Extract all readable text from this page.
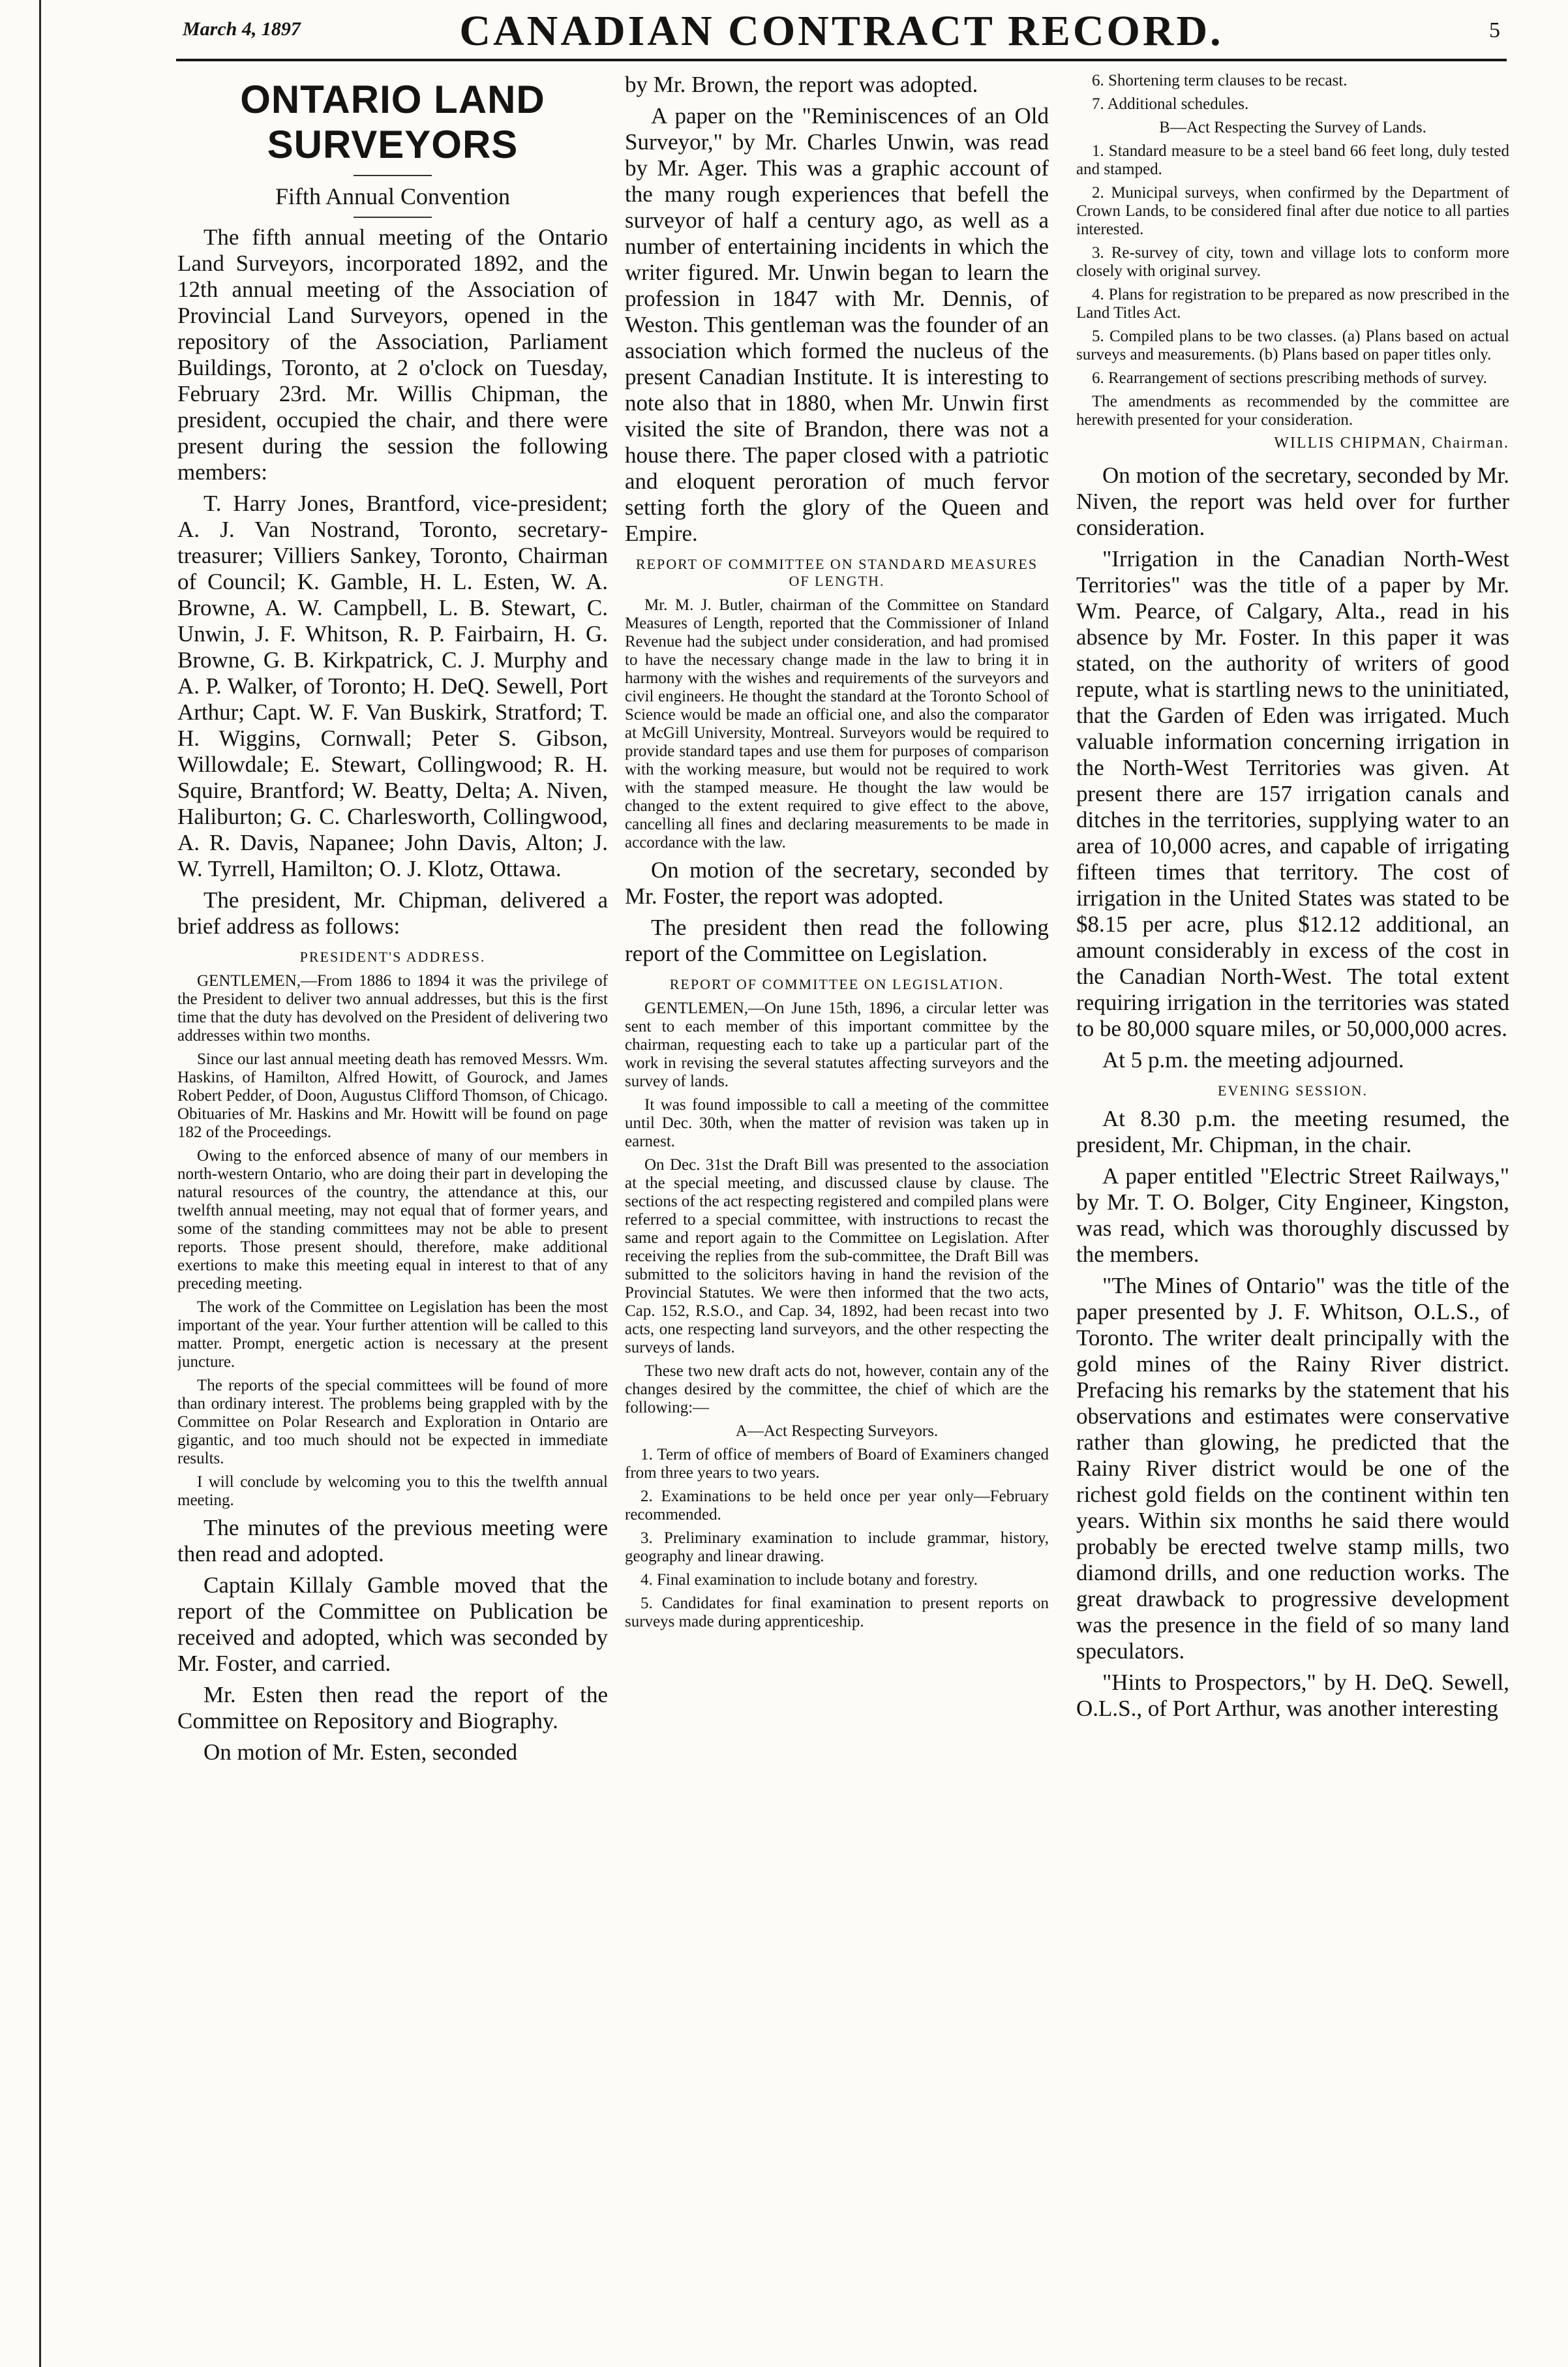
March 4, 1897	CANADIAN CONTRACT RECORD.	5
ONTARIO LAND SURVEYORS
Fifth Annual Convention

The fifth annual meeting of the Ontario Land Surveyors, incorporated 1892, and the 12th annual meeting of the Association of Provincial Land Surveyors, opened in the repository of the Association, Parliament Buildings, Toronto, at 2 o'clock on Tuesday, February 23rd. Mr. Willis Chipman, the president, occupied the chair, and there were present during the session the following members:

T. Harry Jones, Brantford, vice-president; A. J. Van Nostrand, Toronto, secretary-treasurer; Villiers Sankey, Toronto, Chairman of Council; K. Gamble, H. L. Esten, W. A. Browne, A. W. Campbell, L. B. Stewart, C. Unwin, J. F. Whitson, R. P. Fairbairn, H. G. Browne, G. B. Kirkpatrick, C. J. Murphy and A. P. Walker, of Toronto; H. DeQ. Sewell, Port Arthur; Capt. W. F. Van Buskirk, Stratford; T. H. Wiggins, Cornwall; Peter S. Gibson, Willowdale; E. Stewart, Collingwood; R. H. Squire, Brantford; W. Beatty, Delta; A. Niven, Haliburton; G. C. Charlesworth, Collingwood, A. R. Davis, Napanee; John Davis, Alton; J. W. Tyrrell, Hamilton; O. J. Klotz, Ottawa.

The president, Mr. Chipman, delivered a brief address as follows:

PRESIDENT'S ADDRESS.

GENTLEMEN,—From 1886 to 1894 it was the privilege of the President to deliver two annual addresses, but this is the first time that the duty has devolved on the President of delivering two addresses within two months.

Since our last annual meeting death has removed Messrs. Wm. Haskins, of Hamilton, Alfred Howitt, of Gourock, and James Robert Pedder, of Doon, Augustus Clifford Thomson, of Chicago. Obituaries of Mr. Haskins and Mr. Howitt will be found on page 182 of the Proceedings.

Owing to the enforced absence of many of our members in north-western Ontario, who are doing their part in developing the natural resources of the country, the attendance at this, our twelfth annual meeting, may not equal that of former years, and some of the standing committees may not be able to present reports. Those present should, therefore, make additional exertions to make this meeting equal in interest to that of any preceding meeting.

The work of the Committee on Legislation has been the most important of the year. Your further attention will be called to this matter. Prompt, energetic action is necessary at the present juncture.

The reports of the special committees will be found of more than ordinary interest. The problems being grappled with by the Committee on Polar Research and Exploration in Ontario are gigantic, and too much should not be expected in immediate results.

I will conclude by welcoming you to this the twelfth annual meeting.

The minutes of the previous meeting were then read and adopted.

Captain Killaly Gamble moved that the report of the Committee on Publication be received and adopted, which was seconded by Mr. Foster, and carried.

Mr. Esten then read the report of the Committee on Repository and Biography.

On motion of Mr. Esten, seconded

by Mr. Brown, the report was adopted.

A paper on the "Reminiscences of an Old Surveyor," by Mr. Charles Unwin, was read by Mr. Ager. This was a graphic account of the many rough experiences that befell the surveyor of half a century ago, as well as a number of entertaining incidents in which the writer figured. Mr. Unwin began to learn the profession in 1847 with Mr. Dennis, of Weston. This gentleman was the founder of an association which formed the nucleus of the present Canadian Institute. It is interesting to note also that in 1880, when Mr. Unwin first visited the site of Brandon, there was not a house there. The paper closed with a patriotic and eloquent peroration of much fervor setting forth the glory of the Queen and Empire.

REPORT OF COMMITTEE ON STANDARD MEASURES OF LENGTH.

Mr. M. J. Butler, chairman of the Committee on Standard Measures of Length, reported that the Commissioner of Inland Revenue had the subject under consideration, and had promised to have the necessary change made in the law to bring it in harmony with the wishes and requirements of the surveyors and civil engineers. He thought the standard at the Toronto School of Science would be made an official one, and also the comparator at McGill University, Montreal. Surveyors would be required to provide standard tapes and use them for purposes of comparison with the working measure, but would not be required to work with the stamped measure. He thought the law would be changed to the extent required to give effect to the above, cancelling all fines and declaring measurements to be made in accordance with the law.

On motion of the secretary, seconded by Mr. Foster, the report was adopted.

The president then read the following report of the Committee on Legislation.

REPORT OF COMMITTEE ON LEGISLATION.

GENTLEMEN,—On June 15th, 1896, a circular letter was sent to each member of this important committee by the chairman, requesting each to take up a particular part of the work in revising the several statutes affecting surveyors and the survey of lands.

It was found impossible to call a meeting of the committee until Dec. 30th, when the matter of revision was taken up in earnest.

On Dec. 31st the Draft Bill was presented to the association at the special meeting, and discussed clause by clause. The sections of the act respecting registered and compiled plans were referred to a special committee, with instructions to recast the same and report again to the Committee on Legislation. After receiving the replies from the sub-committee, the Draft Bill was submitted to the solicitors having in hand the revision of the Provincial Statutes. We were then informed that the two acts, Cap. 152, R.S.O., and Cap. 34, 1892, had been recast into two acts, one respecting land surveyors, and the other respecting the surveys of lands.

These two new draft acts do not, however, contain any of the changes desired by the committee, the chief of which are the following:—

A—Act Respecting Surveyors.

1. Term of office of members of Board of Examiners changed from three years to two years.

2. Examinations to be held once per year only—February recommended.

3. Preliminary examination to include grammar, history, geography and linear drawing.

4. Final examination to include botany and forestry.

5. Candidates for final examination to present reports on surveys made during apprenticeship.

6. Shortening term clauses to be recast.

7. Additional schedules.

B—Act Respecting the Survey of Lands.

1. Standard measure to be a steel band 66 feet long, duly tested and stamped.

2. Municipal surveys, when confirmed by the Department of Crown Lands, to be considered final after due notice to all parties interested.

3. Re-survey of city, town and village lots to conform more closely with original survey.

4. Plans for registration to be prepared as now prescribed in the Land Titles Act.

5. Compiled plans to be two classes. (a) Plans based on actual surveys and measurements. (b) Plans based on paper titles only.

6. Rearrangement of sections prescribing methods of survey.

The amendments as recommended by the committee are herewith presented for your consideration.

WILLIS CHIPMAN, Chairman.

On motion of the secretary, seconded by Mr. Niven, the report was held over for further consideration.

"Irrigation in the Canadian North-West Territories" was the title of a paper by Mr. Wm. Pearce, of Calgary, Alta., read in his absence by Mr. Foster. In this paper it was stated, on the authority of writers of good repute, what is startling news to the uninitiated, that the Garden of Eden was irrigated. Much valuable information concerning irrigation in the North-West Territories was given. At present there are 157 irrigation canals and ditches in the territories, supplying water to an area of 10,000 acres, and capable of irrigating fifteen times that territory. The cost of irrigation in the United States was stated to be $8.15 per acre, plus $12.12 additional, an amount considerably in excess of the cost in the Canadian North-West. The total extent requiring irrigation in the territories was stated to be 80,000 square miles, or 50,000,000 acres.

At 5 p.m. the meeting adjourned.

EVENING SESSION.

At 8.30 p.m. the meeting resumed, the president, Mr. Chipman, in the chair.

A paper entitled "Electric Street Railways," by Mr. T. O. Bolger, City Engineer, Kingston, was read, which was thoroughly discussed by the members.

"The Mines of Ontario" was the title of the paper presented by J. F. Whitson, O.L.S., of Toronto. The writer dealt principally with the gold mines of the Rainy River district. Prefacing his remarks by the statement that his observations and estimates were conservative rather than glowing, he predicted that the Rainy River district would be one of the richest gold fields on the continent within ten years. Within six months he said there would probably be erected twelve stamp mills, two diamond drills, and one reduction works. The great drawback to progressive development was the presence in the field of so many land speculators.

"Hints to Prospectors," by H. DeQ. Sewell, O.L.S., of Port Arthur, was another interesting
